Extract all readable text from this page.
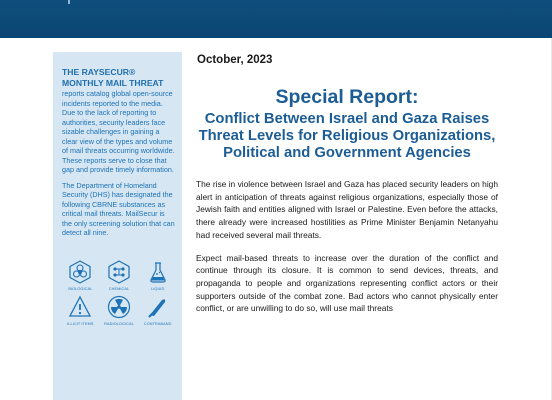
THE RAYSECUR® MONTHLY MAIL THREAT

reports catalog global open-source incidents reported to the media. Due to the lack of reporting to authorities, security leaders face sizable challenges in gaining a clear view of the types and volume of mail threats occurring worldwide. These reports serve to close that gap and provide timely information.

The Department of Homeland Security (DHS) has designated the following CBRNE substances as critical mail threats. MailSecur is the only screening solution that can detect all nine.

BIOLOGICAL	CHEMICAL	LIQUID
ILLICIT ITEMS	RADIOLOGICAL	CONTRABAND

October, 2023

Special Report:
Conflict Between Israel and Gaza Raises Threat Levels for Religious Organizations, Political and Government Agencies

The rise in violence between Israel and Gaza has placed security leaders on high alert in anticipation of threats against religious organizations, especially those of Jewish faith and entities aligned with Israel or Palestine. Even before the attacks, there already were increased hostilities as Prime Minister Benjamin Netanyahu had received several mail threats.

Expect mail-based threats to increase over the duration of the conflict and continue through its closure. It is common to send devices, threats, and propaganda to people and organizations representing conflict actors or their supporters outside of the combat zone. Bad actors who cannot physically enter conflict, or are unwilling to do so, will use mail threats
